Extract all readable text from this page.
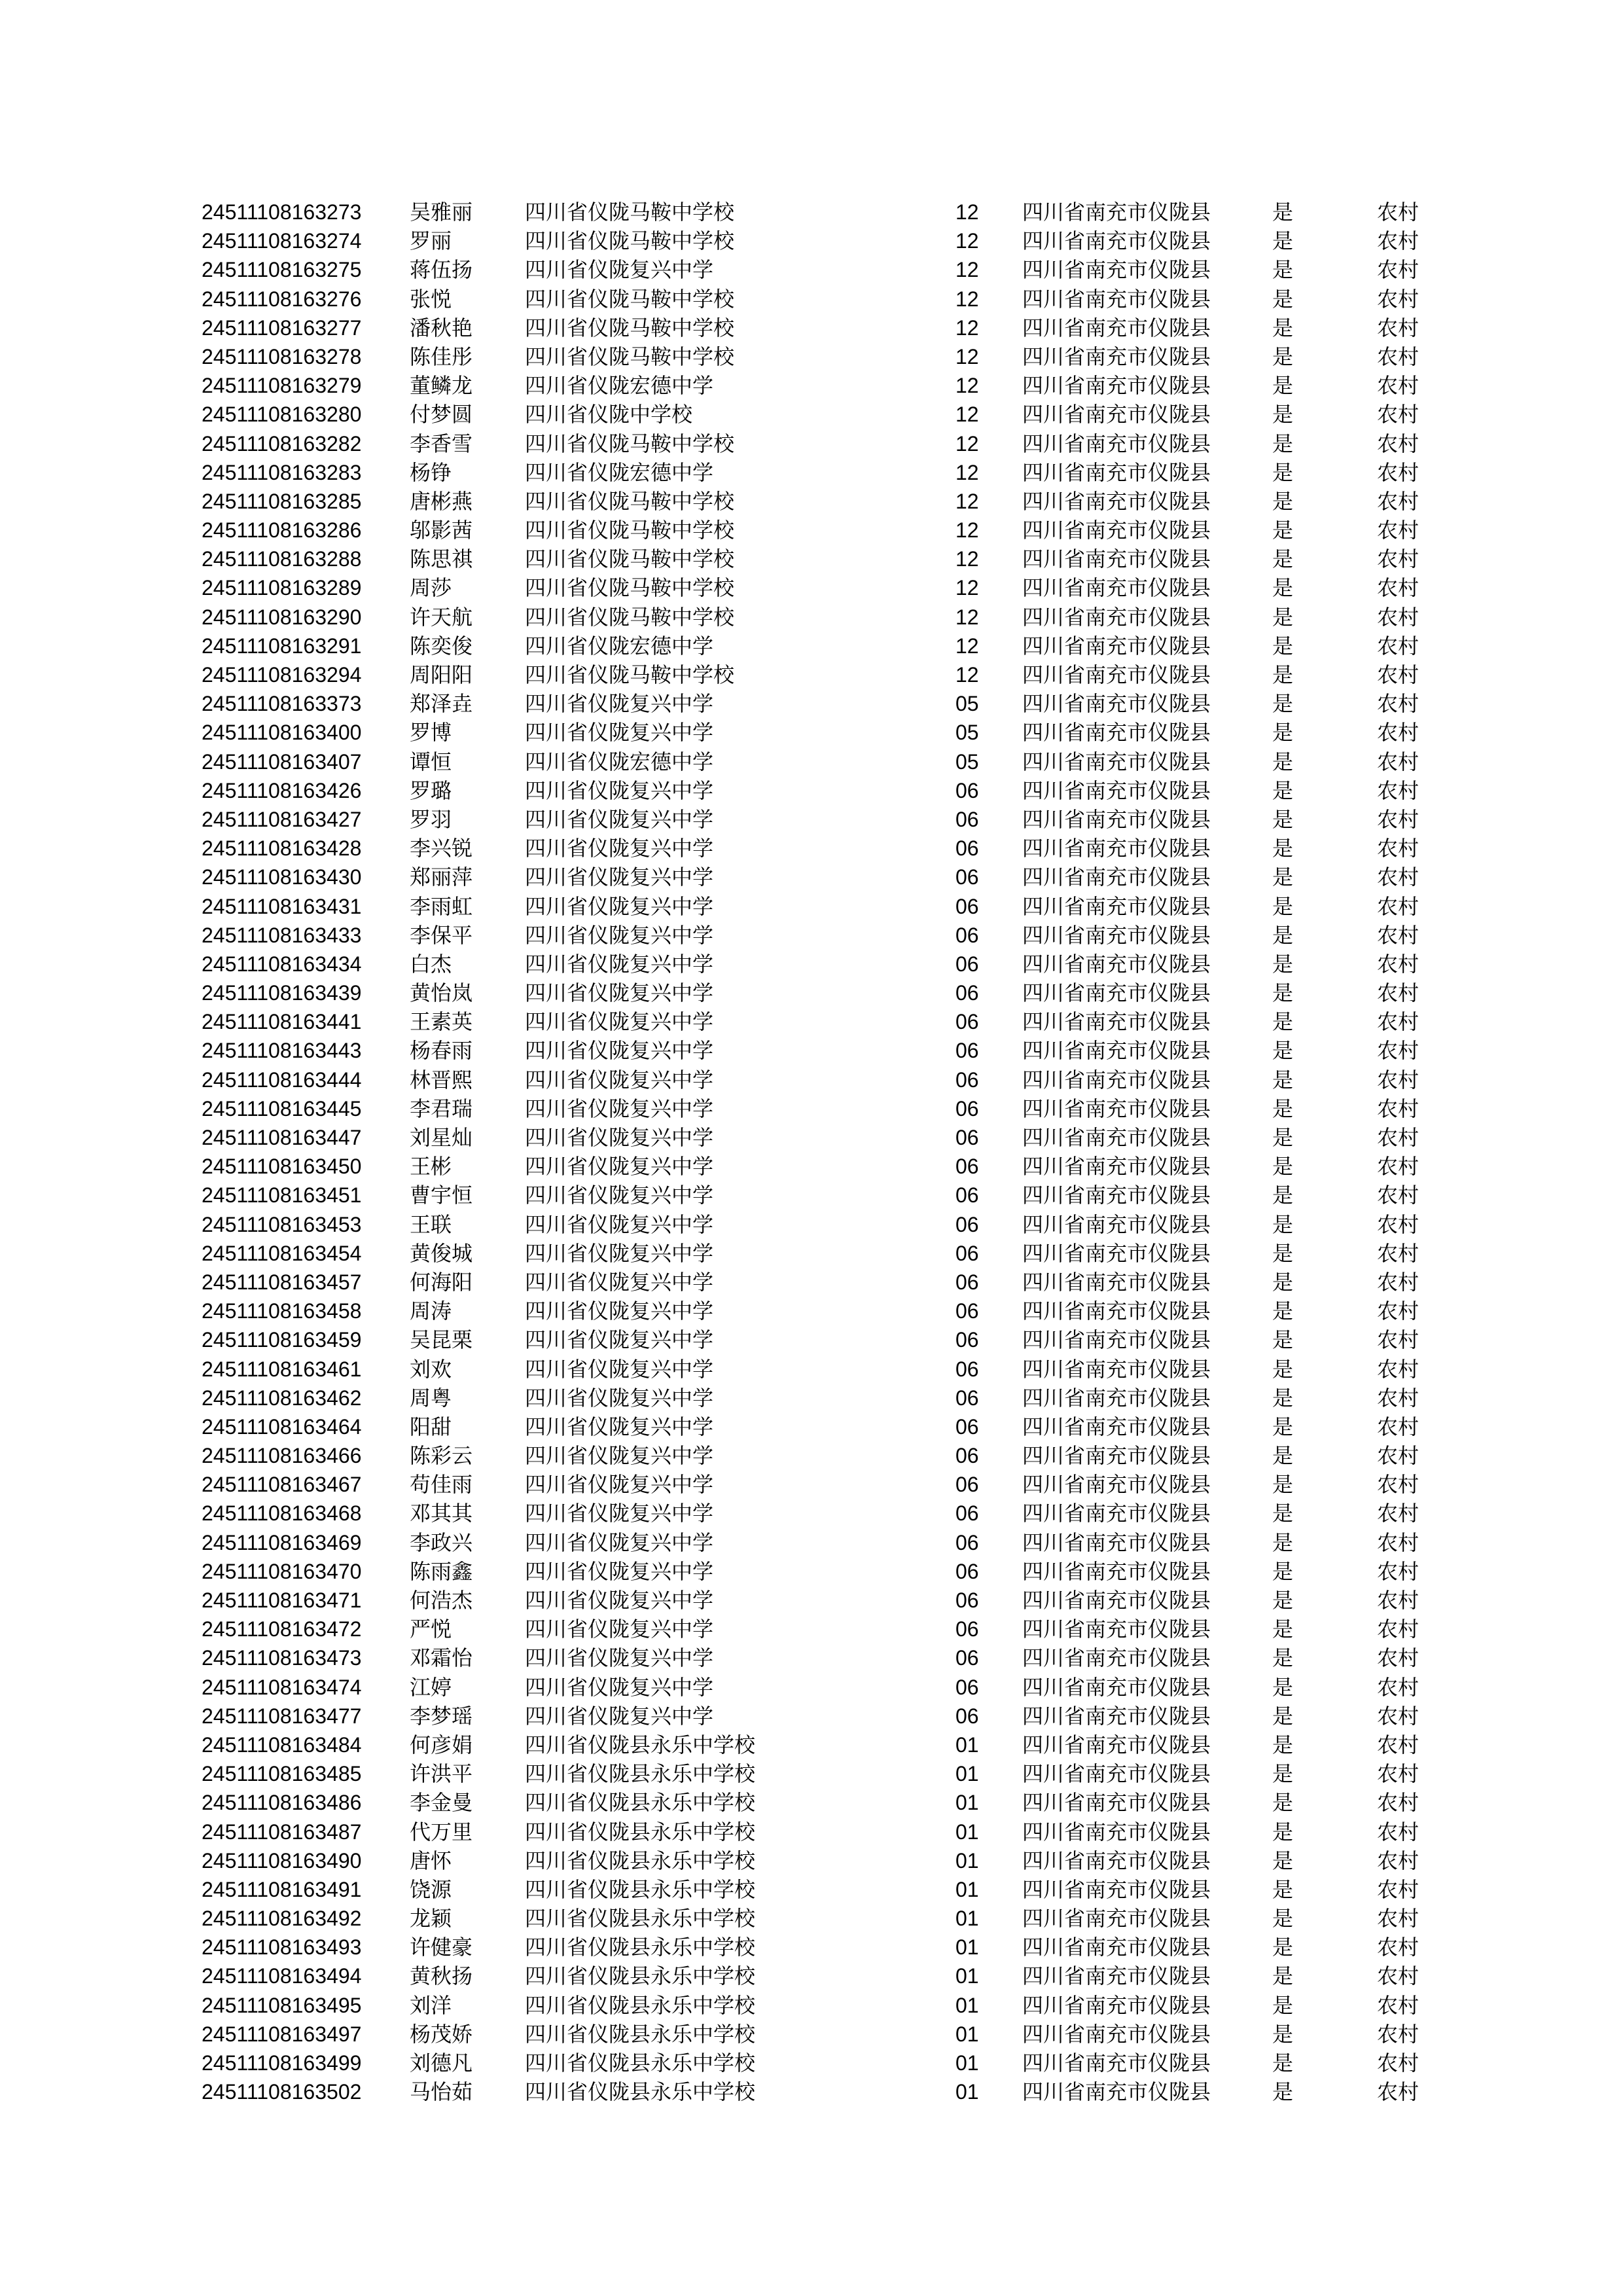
24511108163273 吴雅丽 四川省仪陇马鞍中学校	12 四川省南充市仪陇县	是	农村
24511108163274 罗丽	四川省仪陇马鞍中学校	12 四川省南充市仪陇县	是	农村
24511108163275 蒋伍扬 四川省仪陇复兴中学	12 四川省南充市仪陇县	是	农村
24511108163276 张悦	四川省仪陇马鞍中学校	12 四川省南充市仪陇县	是	农村
24511108163277 潘秋艳 四川省仪陇马鞍中学校	12 四川省南充市仪陇县	是	农村
24511108163278 陈佳彤 四川省仪陇马鞍中学校	12 四川省南充市仪陇县	是	农村
24511108163279 董鳞龙 四川省仪陇宏德中学	12 四川省南充市仪陇县	是	农村
24511108163280 付梦圆 四川省仪陇中学校	12 四川省南充市仪陇县	是	农村
24511108163282 李香雪 四川省仪陇马鞍中学校	12 四川省南充市仪陇县	是	农村
24511108163283 杨铮	四川省仪陇宏德中学	12 四川省南充市仪陇县	是	农村
24511108163285 唐彬燕 四川省仪陇马鞍中学校	12 四川省南充市仪陇县	是	农村
24511108163286 邬影茜 四川省仪陇马鞍中学校	12 四川省南充市仪陇县	是	农村
24511108163288 陈思祺 四川省仪陇马鞍中学校	12 四川省南充市仪陇县	是	农村
24511108163289 周莎	四川省仪陇马鞍中学校	12 四川省南充市仪陇县	是	农村
24511108163290 许天航 四川省仪陇马鞍中学校	12 四川省南充市仪陇县	是	农村
24511108163291 陈奕俊 四川省仪陇宏德中学	12 四川省南充市仪陇县	是	农村
24511108163294 周阳阳 四川省仪陇马鞍中学校	12 四川省南充市仪陇县	是	农村
24511108163373 郑泽垚 四川省仪陇复兴中学	05 四川省南充市仪陇县	是	农村
24511108163400 罗博	四川省仪陇复兴中学	05 四川省南充市仪陇县	是	农村
24511108163407 谭恒	四川省仪陇宏德中学	05 四川省南充市仪陇县	是	农村
24511108163426 罗璐	四川省仪陇复兴中学	06 四川省南充市仪陇县	是	农村
24511108163427 罗羽	四川省仪陇复兴中学	06 四川省南充市仪陇县	是	农村
24511108163428 李兴锐 四川省仪陇复兴中学	06 四川省南充市仪陇县	是	农村
24511108163430 郑丽萍 四川省仪陇复兴中学	06 四川省南充市仪陇县	是	农村
24511108163431 李雨虹 四川省仪陇复兴中学	06 四川省南充市仪陇县	是	农村
24511108163433 李保平 四川省仪陇复兴中学	06 四川省南充市仪陇县	是	农村
24511108163434 白杰	四川省仪陇复兴中学	06 四川省南充市仪陇县	是	农村
24511108163439 黄怡岚 四川省仪陇复兴中学	06 四川省南充市仪陇县	是	农村
24511108163441 王素英 四川省仪陇复兴中学	06 四川省南充市仪陇县	是	农村
24511108163443 杨春雨 四川省仪陇复兴中学	06 四川省南充市仪陇县	是	农村
24511108163444 林晋熙 四川省仪陇复兴中学	06 四川省南充市仪陇县	是	农村
24511108163445 李君瑞 四川省仪陇复兴中学	06 四川省南充市仪陇县	是	农村
24511108163447 刘星灿 四川省仪陇复兴中学	06 四川省南充市仪陇县	是	农村
24511108163450 王彬	四川省仪陇复兴中学	06 四川省南充市仪陇县	是	农村
24511108163451 曹宇恒 四川省仪陇复兴中学	06 四川省南充市仪陇县	是	农村
24511108163453 王联	四川省仪陇复兴中学	06 四川省南充市仪陇县	是	农村
24511108163454 黄俊城 四川省仪陇复兴中学	06 四川省南充市仪陇县	是	农村
24511108163457 何海阳 四川省仪陇复兴中学	06 四川省南充市仪陇县	是	农村
24511108163458 周涛	四川省仪陇复兴中学	06 四川省南充市仪陇县	是	农村
24511108163459 吴昆栗 四川省仪陇复兴中学	06 四川省南充市仪陇县	是	农村
24511108163461 刘欢	四川省仪陇复兴中学	06 四川省南充市仪陇县	是	农村
24511108163462 周粤	四川省仪陇复兴中学	06 四川省南充市仪陇县	是	农村
24511108163464 阳甜	四川省仪陇复兴中学	06 四川省南充市仪陇县	是	农村
24511108163466 陈彩云 四川省仪陇复兴中学	06 四川省南充市仪陇县	是	农村
24511108163467 苟佳雨 四川省仪陇复兴中学	06 四川省南充市仪陇县	是	农村
24511108163468 邓其其 四川省仪陇复兴中学	06 四川省南充市仪陇县	是	农村
24511108163469 李政兴 四川省仪陇复兴中学	06 四川省南充市仪陇县	是	农村
24511108163470 陈雨鑫 四川省仪陇复兴中学	06 四川省南充市仪陇县	是	农村
24511108163471 何浩杰 四川省仪陇复兴中学	06 四川省南充市仪陇县	是	农村
24511108163472 严悦	四川省仪陇复兴中学	06 四川省南充市仪陇县	是	农村
24511108163473 邓霜怡 四川省仪陇复兴中学	06 四川省南充市仪陇县	是	农村
24511108163474 江婷	四川省仪陇复兴中学	06 四川省南充市仪陇县	是	农村
24511108163477 李梦瑶 四川省仪陇复兴中学	06 四川省南充市仪陇县	是	农村
24511108163484 何彦娟 四川省仪陇县永乐中学校	01 四川省南充市仪陇县	是	农村
24511108163485 许洪平 四川省仪陇县永乐中学校	01 四川省南充市仪陇县	是	农村
24511108163486 李金曼 四川省仪陇县永乐中学校	01 四川省南充市仪陇县	是	农村
24511108163487 代万里 四川省仪陇县永乐中学校	01 四川省南充市仪陇县	是	农村
24511108163490 唐怀	四川省仪陇县永乐中学校	01 四川省南充市仪陇县	是	农村
24511108163491 饶源	四川省仪陇县永乐中学校	01 四川省南充市仪陇县	是	农村
24511108163492 龙颖	四川省仪陇县永乐中学校	01 四川省南充市仪陇县	是	农村
24511108163493 许健豪 四川省仪陇县永乐中学校	01 四川省南充市仪陇县	是	农村
24511108163494 黄秋扬 四川省仪陇县永乐中学校	01 四川省南充市仪陇县	是	农村
24511108163495 刘洋	四川省仪陇县永乐中学校	01 四川省南充市仪陇县	是	农村
24511108163497 杨茂娇 四川省仪陇县永乐中学校	01 四川省南充市仪陇县	是	农村
24511108163499 刘德凡 四川省仪陇县永乐中学校	01 四川省南充市仪陇县	是	农村
24511108163502 马怡茹 四川省仪陇县永乐中学校	01 四川省南充市仪陇县	是	农村
